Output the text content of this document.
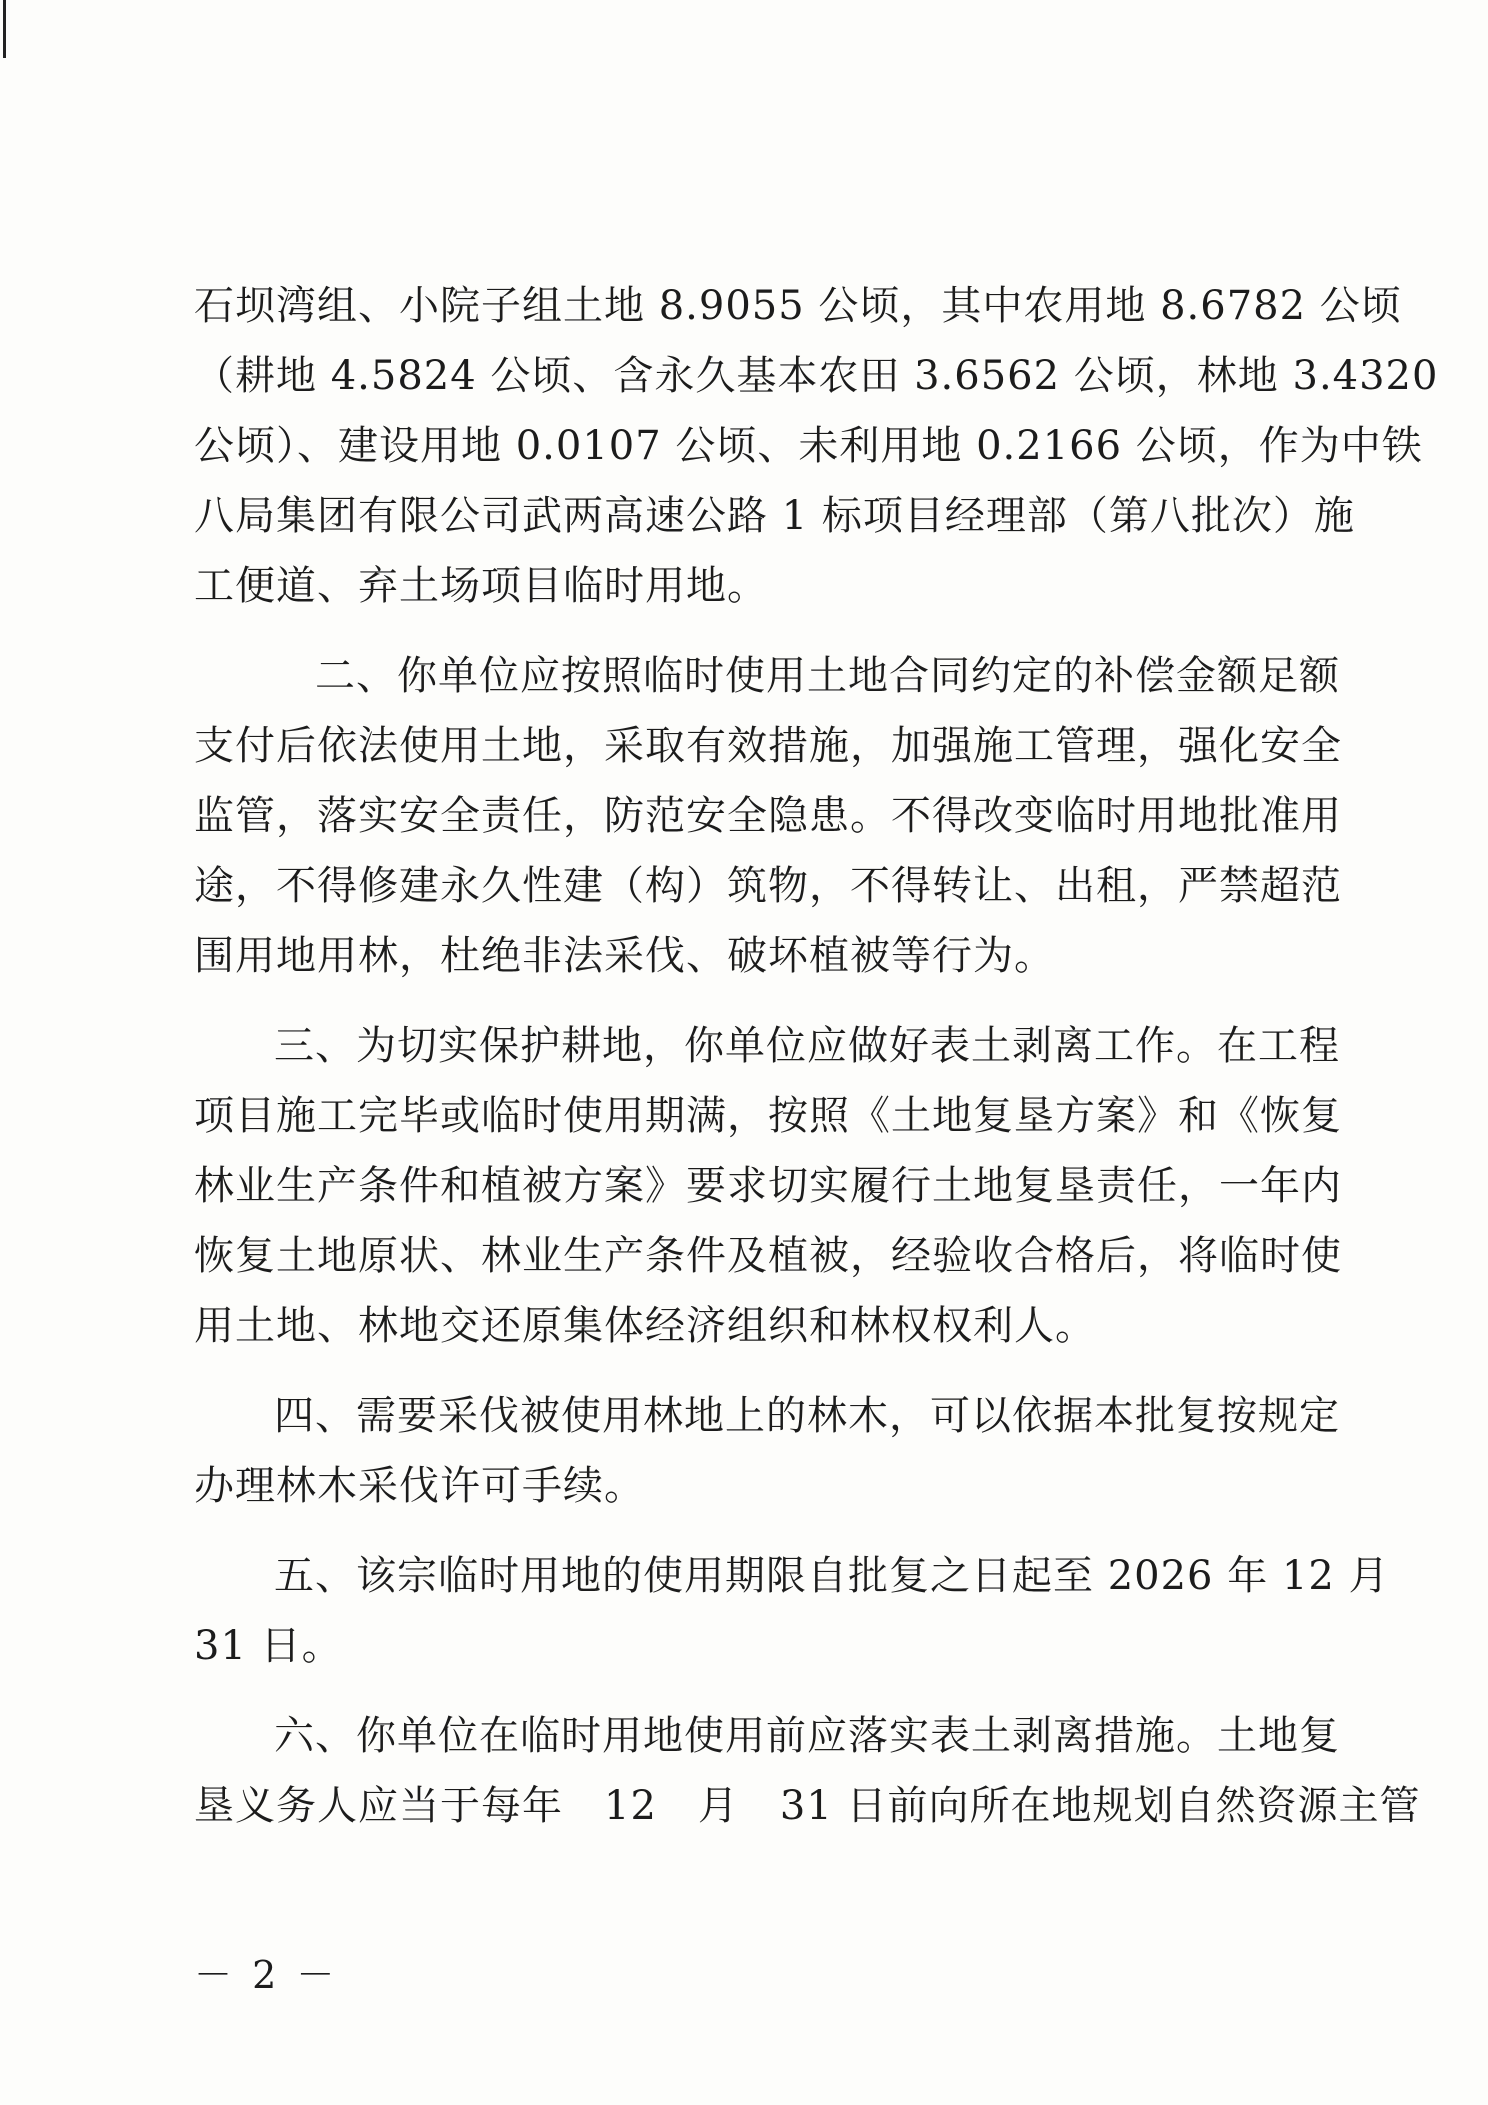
石坝湾组、小院子组土地 8.9055 公顷，其中农用地 8.6782 公顷
（耕地 4.5824 公顷、含永久基本农田 3.6562 公顷，林地 3.4320
公顷）、建设用地 0.0107 公顷、未利用地 0.2166 公顷，作为中铁
八局集团有限公司武两高速公路 1 标项目经理部（第八批次）施
工便道、弃土场项目临时用地。
　二、你单位应按照临时使用土地合同约定的补偿金额足额
支付后依法使用土地，采取有效措施，加强施工管理，强化安全
监管，落实安全责任，防范安全隐患。不得改变临时用地批准用
途，不得修建永久性建（构）筑物，不得转让、出租，严禁超范
围用地用林，杜绝非法采伐、破坏植被等行为。
三、为切实保护耕地，你单位应做好表土剥离工作。在工程
项目施工完毕或临时使用期满，按照《土地复垦方案》和《恢复
林业生产条件和植被方案》要求切实履行土地复垦责任，一年内
恢复土地原状、林业生产条件及植被，经验收合格后，将临时使
用土地、林地交还原集体经济组织和林权权利人。
四、需要采伐被使用林地上的林木，可以依据本批复按规定
办理林木采伐许可手续。
五、该宗临时用地的使用期限自批复之日起至 2026 年 12 月
31 日。
六、你单位在临时用地使用前应落实表土剥离措施。土地复
垦义务人应当于每年　12　月　31 日前向所在地规划自然资源主管
－ 2 －
